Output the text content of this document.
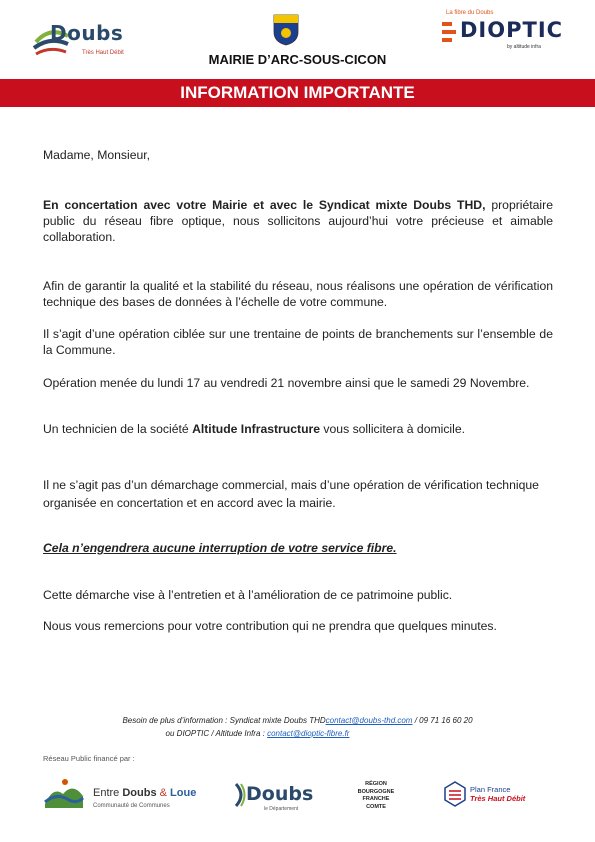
Doubs
Très Haut Débit
La fibre du Doubs
DIOPTIC
by altitude infra
MAIRIE D’ARC-SOUS-CICON
INFORMATION IMPORTANTE
Madame, Monsieur,
En concertation avec votre Mairie et avec le Syndicat mixte Doubs THD, propriétaire public du réseau fibre optique, nous sollicitons aujourd’hui votre précieuse et aimable collaboration.
Afin de garantir la qualité et la stabilité du réseau, nous réalisons une opération de vérification technique des bases de données à l’échelle de votre commune.
Il s’agit d’une opération ciblée sur une trentaine de points de branchements sur l’ensemble de la Commune.
Opération menée du lundi 17 au vendredi 21 novembre ainsi que le samedi 29 Novembre.
Un technicien de la société Altitude Infrastructure vous sollicitera à domicile.
Il ne s’agit pas d’un démarchage commercial, mais d’une opération de vérification technique organisée en concertation et en accord avec la mairie.
Cela n’engendrera aucune interruption de votre service fibre.
Cette démarche vise à l’entretien et à l’amélioration de ce patrimoine public.
Nous vous remercions pour votre contribution qui ne prendra que quelques minutes.
Besoin de plus d’information : Syndicat mixte Doubs THDcontact@doubs-thd.com / 09 71 16 60 20
ou DIOPTIC / Altitude Infra : contact@dioptic-fibre.fr
Réseau Public financé par :
Entre Doubs & Loue
Communauté de Communes
Doubs
le Département
RÉGION
BOURGOGNE
FRANCHE
COMTE
Plan France
Très Haut Débit
